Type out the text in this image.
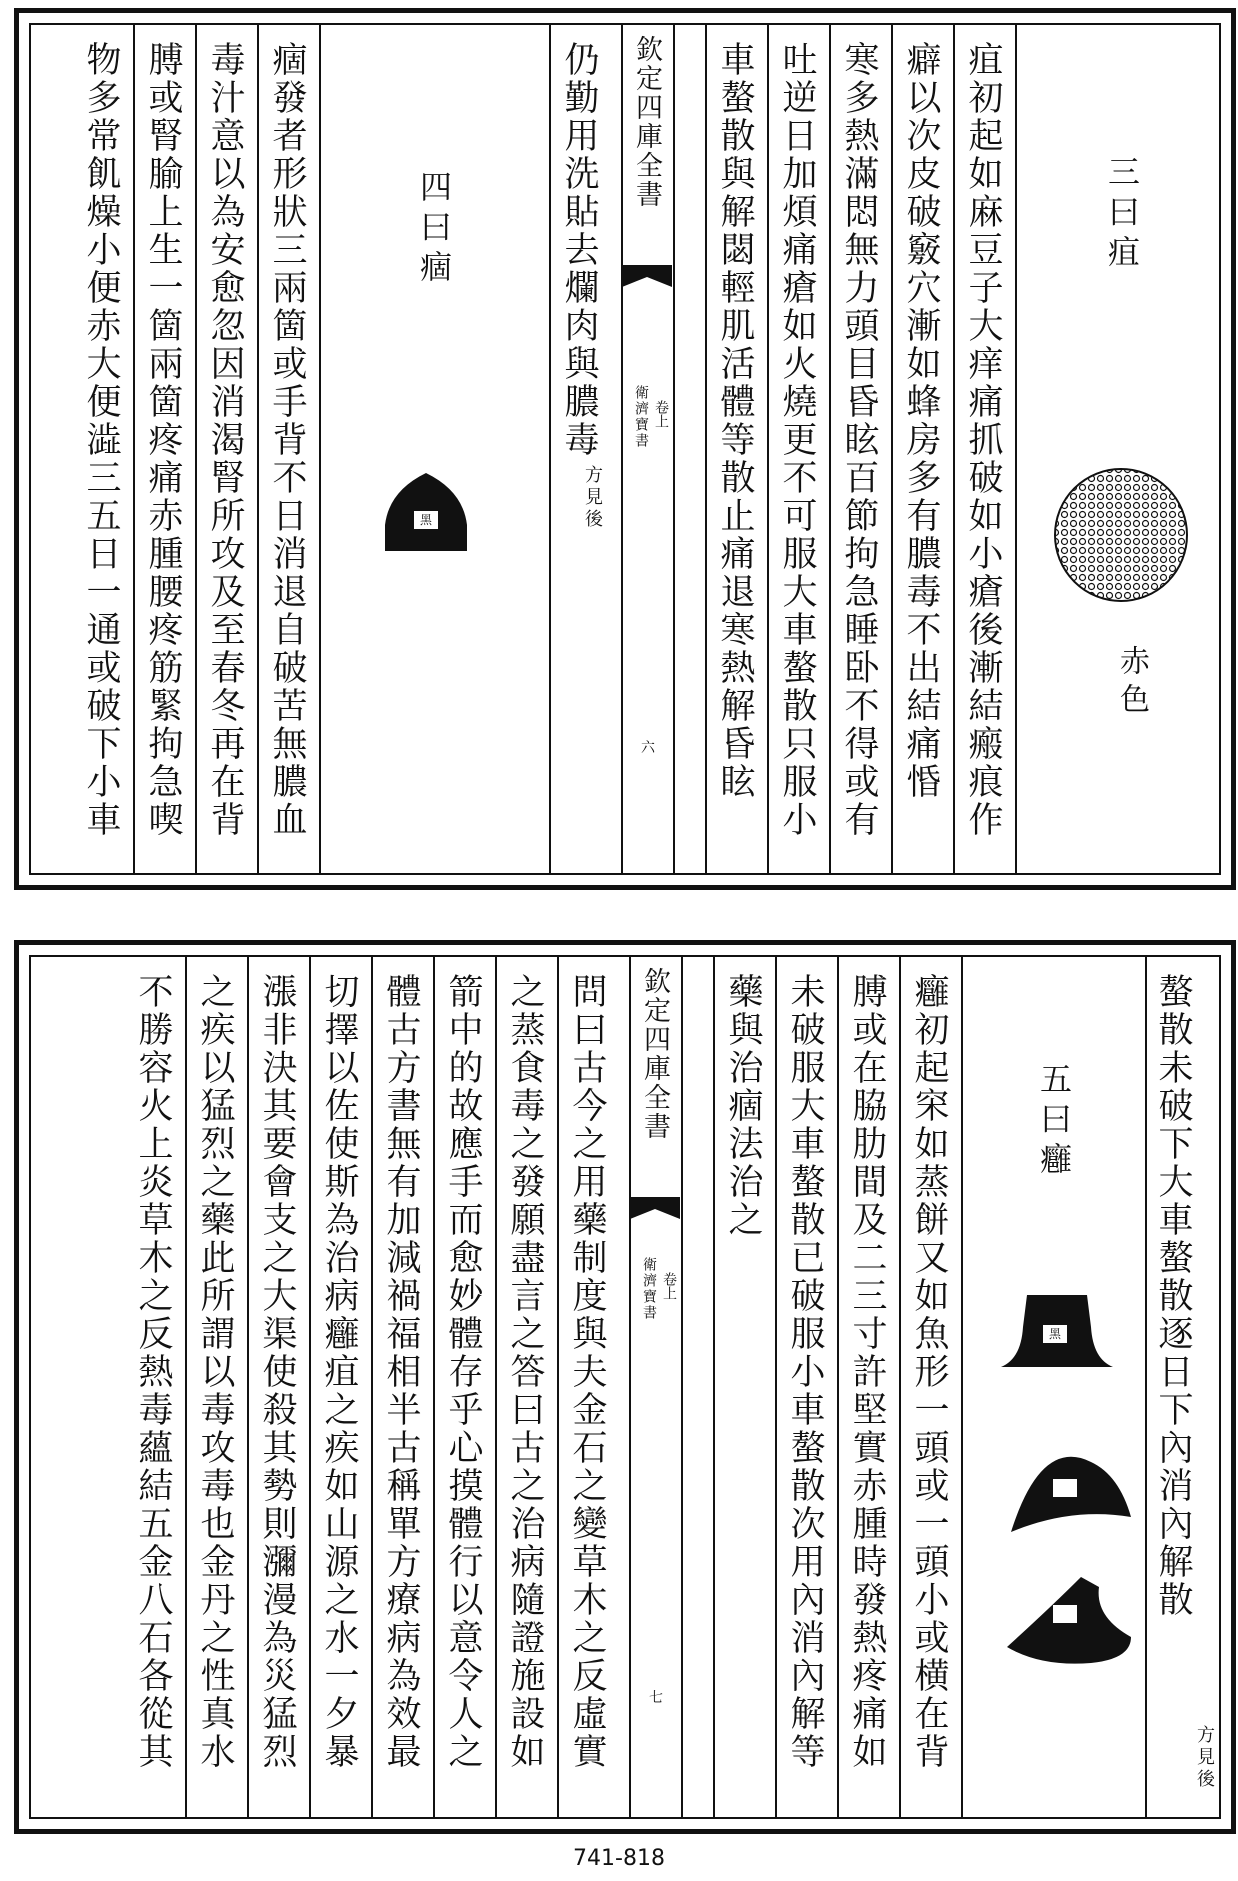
三曰疽
赤色
疽初起如麻豆子大痒痛抓破如小瘡後漸結瘢痕作
癖以次皮破竅穴漸如蜂房多有膿毒不出結痛惛
寒多熱滿悶無力頭目昏眩百節拘急睡卧不得或有
吐逆日加煩痛瘡如火燒更不可服大車螯散只服小
車螯散與解閟輕肌活體等散止痛退寒熱解昏眩
欽定四庫全書
衛濟寶書 卷上
六
仍勤用洗貼去爛肉與膿毒
方見後
四曰痼
黑
痼發者形狀三兩箇或手背不日消退自破苦無膿血
毒汁意以為安愈忽因消渴腎所攻及至春冬再在背
膊或腎腧上生一箇兩箇疼痛赤腫腰疼筋緊拘急喫
物多常飢燥小便赤大便澁三五日一通或破下小車
螯散未破下大車螯散逐日下內消內解散
方見後
五曰癰
黑
癰初起穼如蒸餅又如魚形一頭或一頭小或横在背
膊或在脇肋間及二三寸許堅實赤腫時發熱疼痛如
未破服大車螯散已破服小車螯散次用內消內解等
藥與治痼法治之
欽定四庫全書
衛濟寶書 卷上
七
問曰古今之用藥制度與夫金石之變草木之反虛實
之蒸食毒之發願盡言之答曰古之治病隨證施設如
箭中的故應手而愈妙體存乎心摸體行以意令人之
體古方書無有加減禍福相半古稱單方療病為效最
切擇以佐使斯為治病癰疽之疾如山源之水一夕暴
漲非決其要會支之大渠使殺其勢則瀰漫為災猛烈
之疾以猛烈之藥此所謂以毒攻毒也金丹之性真水
不勝容火上炎草木之反熱毒蘊結五金八石各從其
741-818
